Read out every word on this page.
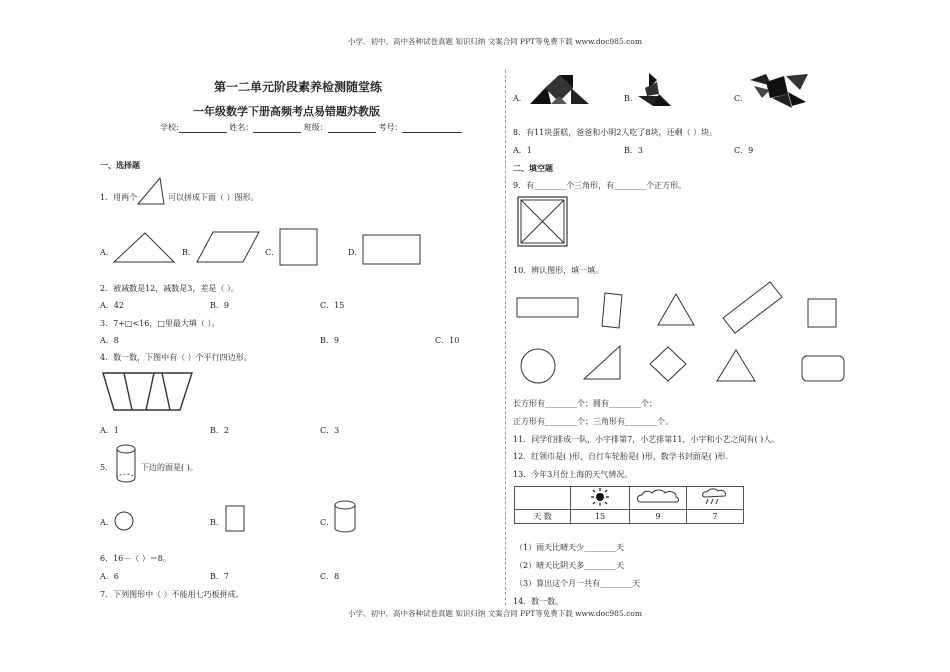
小学、初中、高中各种试卷真题 知识归纳 文案合同 PPT等免费下载 www.doc985.com
小学、初中、高中各种试卷真题 知识归纳 文案合同 PPT等免费下载 www.doc985.com
第一二单元阶段素养检测随堂练
一年级数学下册高频考点易错题苏教版
学校:	姓名：	班级：	考号：
一、选择题
1．用两个	可以拼成下面（ ）图形。
A．	B．	C．	D．
2．被减数是12，减数是3，差是（ ）。
A．42	B．9	C．15
3．7+□<16，□里最大填（ ）。
A．8	B．9	C．10
4．数一数，下图中有（ ）个平行四边形。
A．1	B．2	C．3
5．	下边的面是( )。
A．	B．	C．
6．16－（ ）＝8。
A．6	B．7	C．8
7．下列图形中（ ）不能用七巧板拼成。
A．	B．	C．
8．有11块蛋糕，爸爸和小明2人吃了8块，还剩（ ）块。
A．1	B．3	C．9
二、填空题
9．有________个三角形，有________个正方形。
10．辨认图形，填一填。
长方形有________个；圆有________个；
正方形有________个；三角形有________个。
11．同学们排成一队，小宇排第7，小艺排第11，小宇和小艺之间有( )人。
12．红领巾是( )形，自行车轮胎是( )形，数学书封面是( )形.
13．今年3月份上海的天气情况。

天 数	15	9	7
（1）雨天比晴天少________天
（2）晴天比阴天多________天
（3）算出这个月一共有________天
14．数一数。
